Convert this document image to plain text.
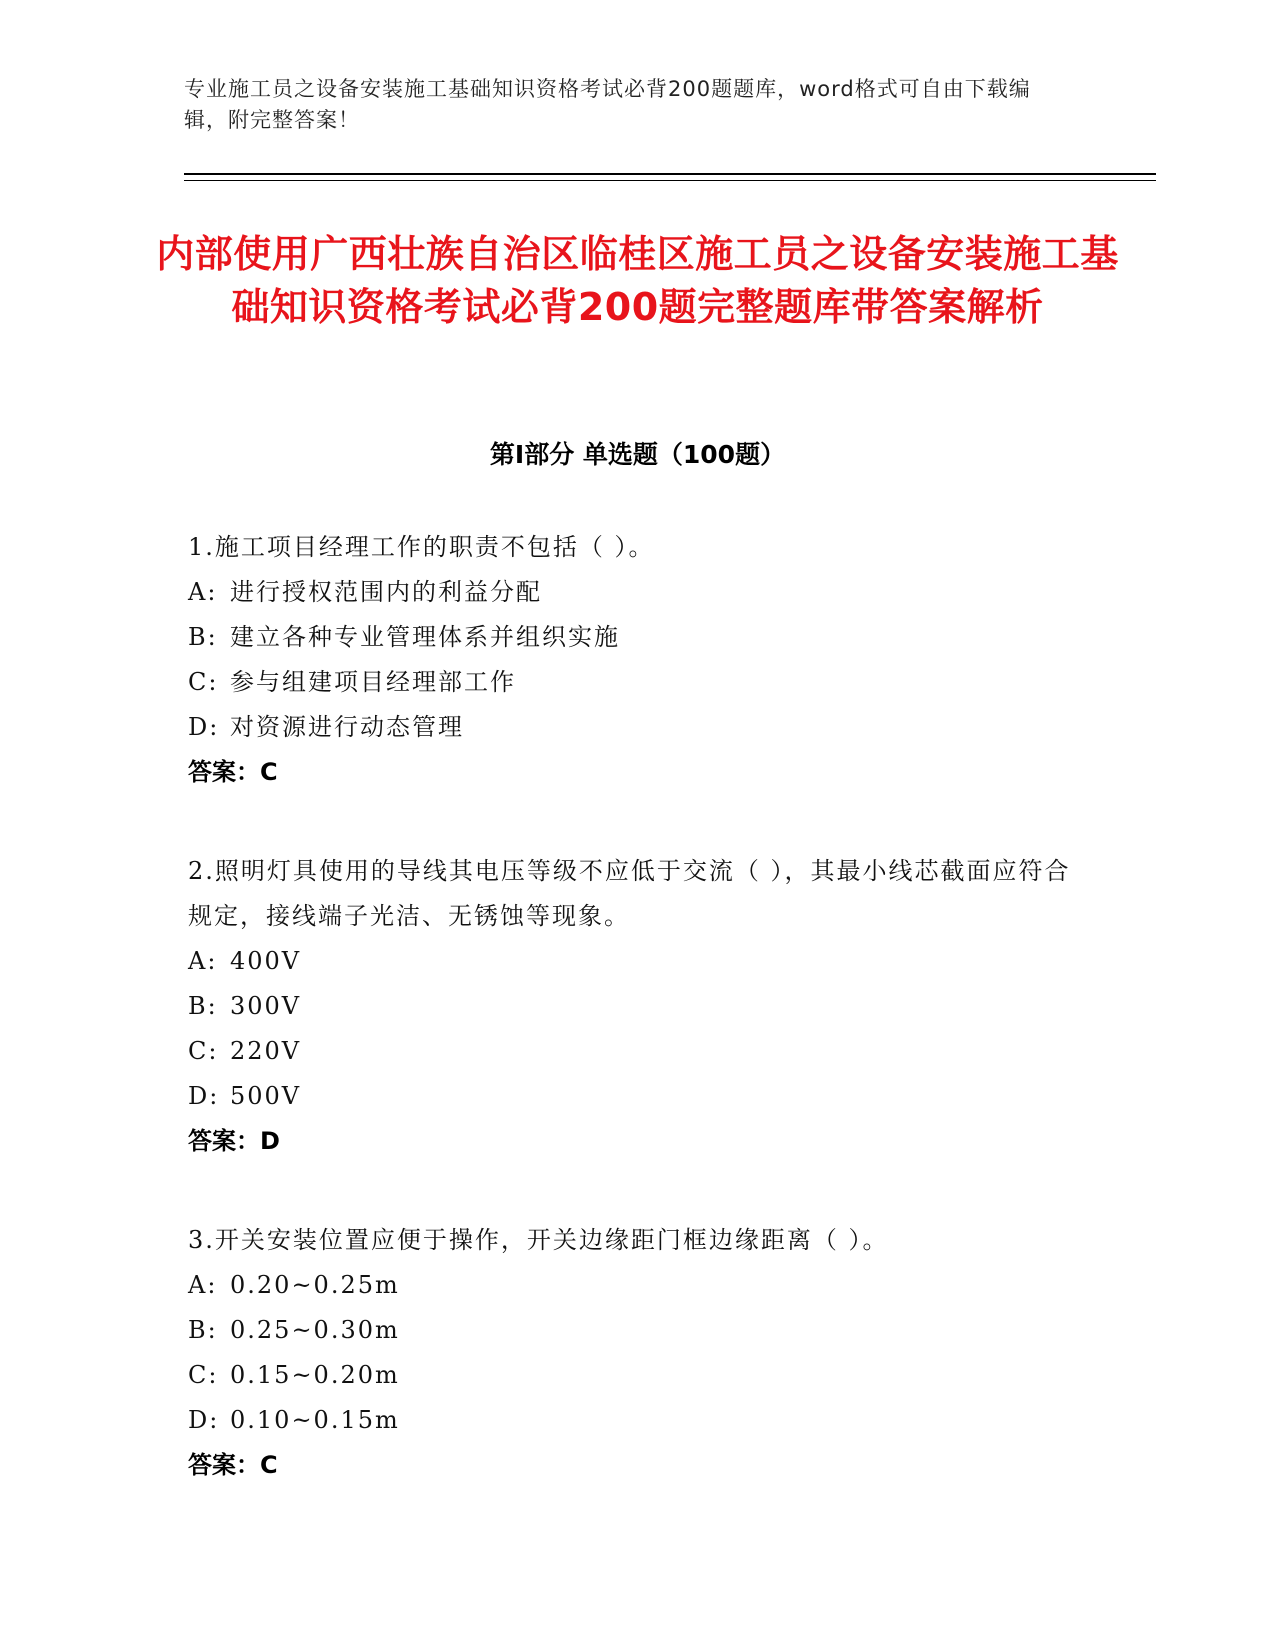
专业施工员之设备安装施工基础知识资格考试必背200题题库，word格式可自由下载编辑，附完整答案！
内部使用广西壮族自治区临桂区施工员之设备安装施工基础知识资格考试必背200题完整题库带答案解析
第Ⅰ部分 单选题（100题）
1.施工项目经理工作的职责不包括（ ）。
A: 进行授权范围内的利益分配
B: 建立各种专业管理体系并组织实施
C: 参与组建项目经理部工作
D: 对资源进行动态管理
答案：C
2.照明灯具使用的导线其电压等级不应低于交流（ ），其最小线芯截面应符合规定，接线端子光洁、无锈蚀等现象。
A: 400V
B: 300V
C: 220V
D: 500V
答案：D
3.开关安装位置应便于操作，开关边缘距门框边缘距离（ ）。
A: 0.20~0.25m
B: 0.25~0.30m
C: 0.15~0.20m
D: 0.10~0.15m
答案：C
